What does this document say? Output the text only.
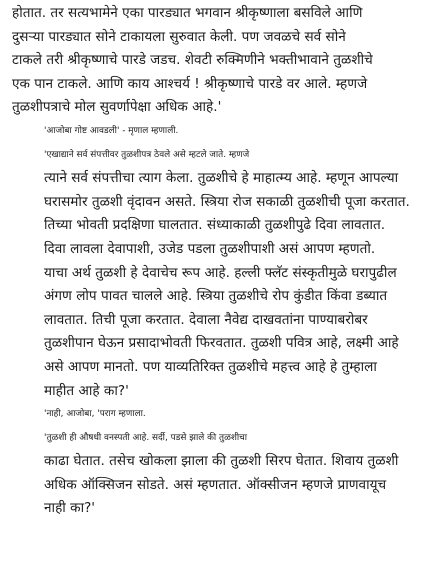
होतात. तर सत्यभामेने एका पारड्यात भगवान श्रीकृष्णाला बसविले आणि
दुसऱ्या पारड्यात सोने टाकायला सुरुवात केली. पण जवळचे सर्व सोने
टाकले तरी श्रीकृष्णाचे पारडे जडच. शेवटी रुक्मिणीने भक्तीभावाने तुळशीचे
एक पान टाकले. आणि काय आश्चर्य ! श्रीकृष्णाचे पारडे वर आले. म्हणजे
तुळशीपत्राचे मोल सुवर्णापेक्षा अधिक आहे.'

'आजोबा गोष्ट आवडली' - मृणाल म्हणाली.

'एखाद्याने सर्व संपत्तीवर तुळशीपत्र ठेवले असे म्हटले जाते. म्हणजे
त्याने सर्व संपत्तीचा त्याग केला. तुळशीचे हे माहात्म्य आहे. म्हणून आपल्या
घरासमोर तुळशी वृंदावन असते. स्त्रिया रोज सकाळी तुळशीची पूजा करतात.
तिच्या भोवती प्रदक्षिणा घालतात. संध्याकाळी तुळशीपुढे दिवा लावतात.
दिवा लावला देवापाशी, उजेड पडला तुळशीपाशी असं आपण म्हणतो.
याचा अर्थ तुळशी हे देवाचेच रूप आहे. हल्ली फ्लॅट संस्कृतीमुळे घरापुढील
अंगण लोप पावत चालले आहे. स्त्रिया तुळशीचे रोप कुंडीत किंवा डब्यात
लावतात. तिची पूजा करतात. देवाला नैवेद्य दाखवतांना पाण्याबरोबर
तुळशीपान घेऊन प्रसादाभोवती फिरवतात. तुळशी पवित्र आहे, लक्ष्मी आहे
असे आपण मानतो. पण याव्यतिरिक्त तुळशीचे महत्त्व आहे हे तुम्हाला
माहीत आहे का?'

'नाही, आजोबा, 'पराग म्हणाला.

'तुळशी ही औषधी वनस्पती आहे. सर्दी, पडसे झाले की तुळशीचा
काढा घेतात. तसेच खोकला झाला की तुळशी सिरप घेतात. शिवाय तुळशी
अधिक ऑक्सिजन सोडते. असं म्हणतात. ऑक्सीजन म्हणजे प्राणवायूच
नाही का?'
